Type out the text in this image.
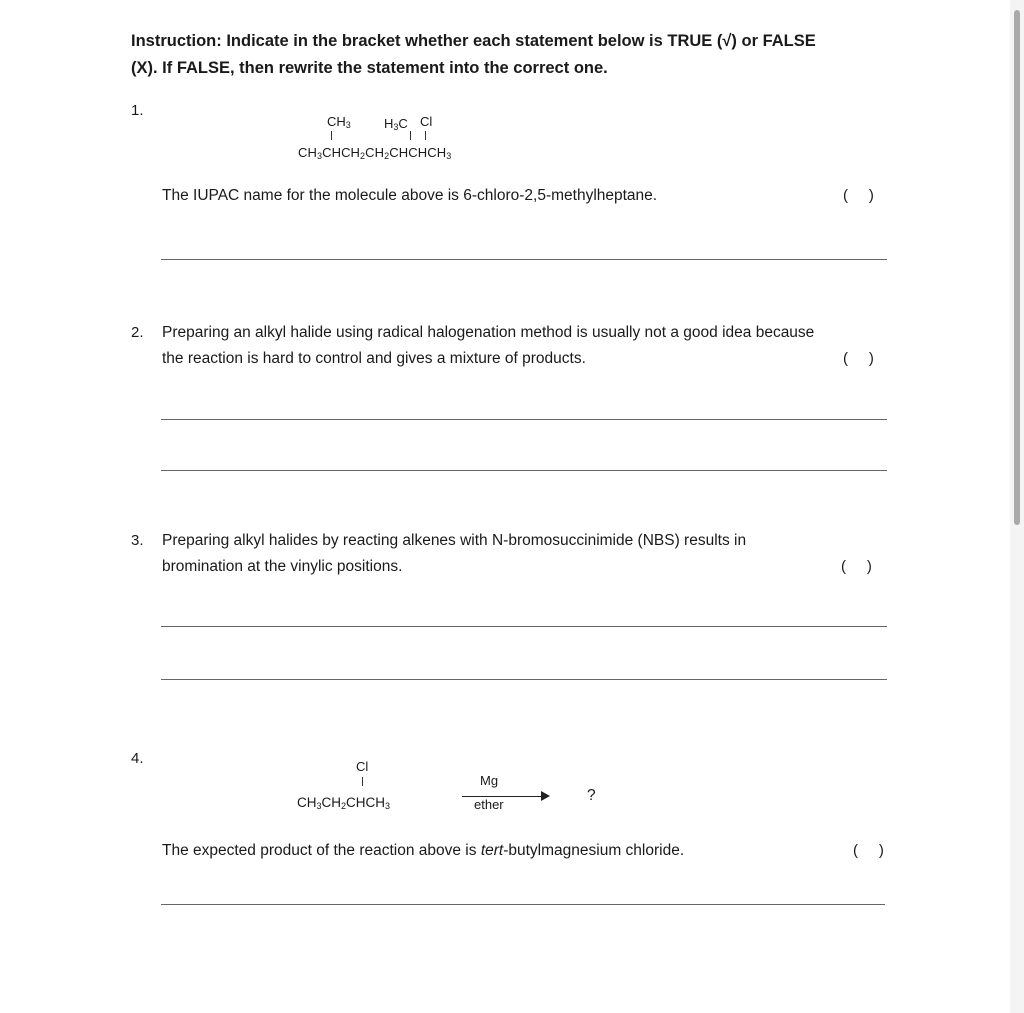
Instruction: Indicate in the bracket whether each statement below is TRUE (√) or FALSE
(X). If FALSE, then rewrite the statement into the correct one.
1.
$CH_3$	$H_3C$ Cl
$CH_3CHCH_2CH_2CHCHCH_3$
The IUPAC name for the molecule above is 6-chloro-2,5-methylheptane.	(     )
2. Preparing an alkyl halide using radical halogenation method is usually not a good idea because
the reaction is hard to control and gives a mixture of products.	(     )
3. Preparing alkyl halides by reacting alkenes with N-bromosuccinimide (NBS) results in
bromination at the vinylic positions.	(     )
4.	Cl
$CH_3CH_2CHCH_3$
Mg
ether
?
The expected product of the reaction above is tert-butylmagnesium chloride.	(     )
